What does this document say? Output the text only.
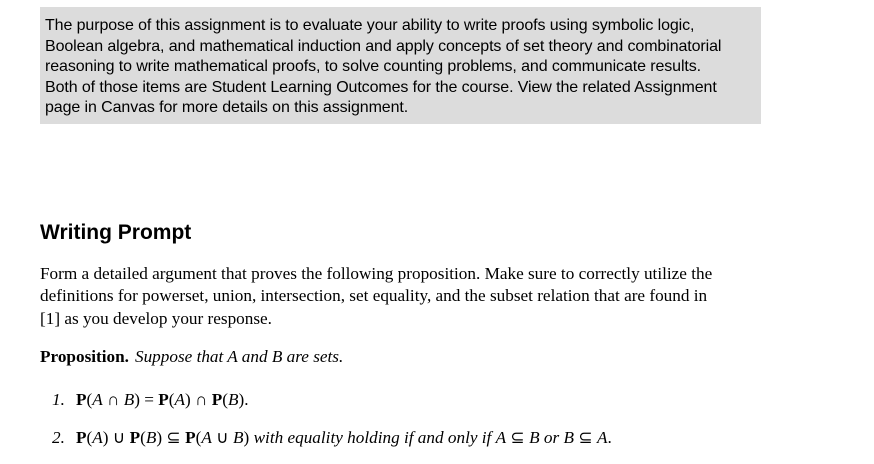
The purpose of this assignment is to evaluate your ability to write proofs using symbolic logic,
Boolean algebra, and mathematical induction and apply concepts of set theory and combinatorial
reasoning to write mathematical proofs, to solve counting problems, and communicate results.
Both of those items are Student Learning Outcomes for the course. View the related Assignment
page in Canvas for more details on this assignment.

Writing Prompt

Form a detailed argument that proves the following proposition. Make sure to correctly utilize the
definitions for powerset, union, intersection, set equality, and the subset relation that are found in
[1] as you develop your response.

Proposition. Suppose that A and B are sets.

1. P(A ∩ B) = P(A) ∩ P(B).
2. P(A) ∪ P(B) ⊆ P(A ∪ B) with equality holding if and only if A ⊆ B or B ⊆ A.
